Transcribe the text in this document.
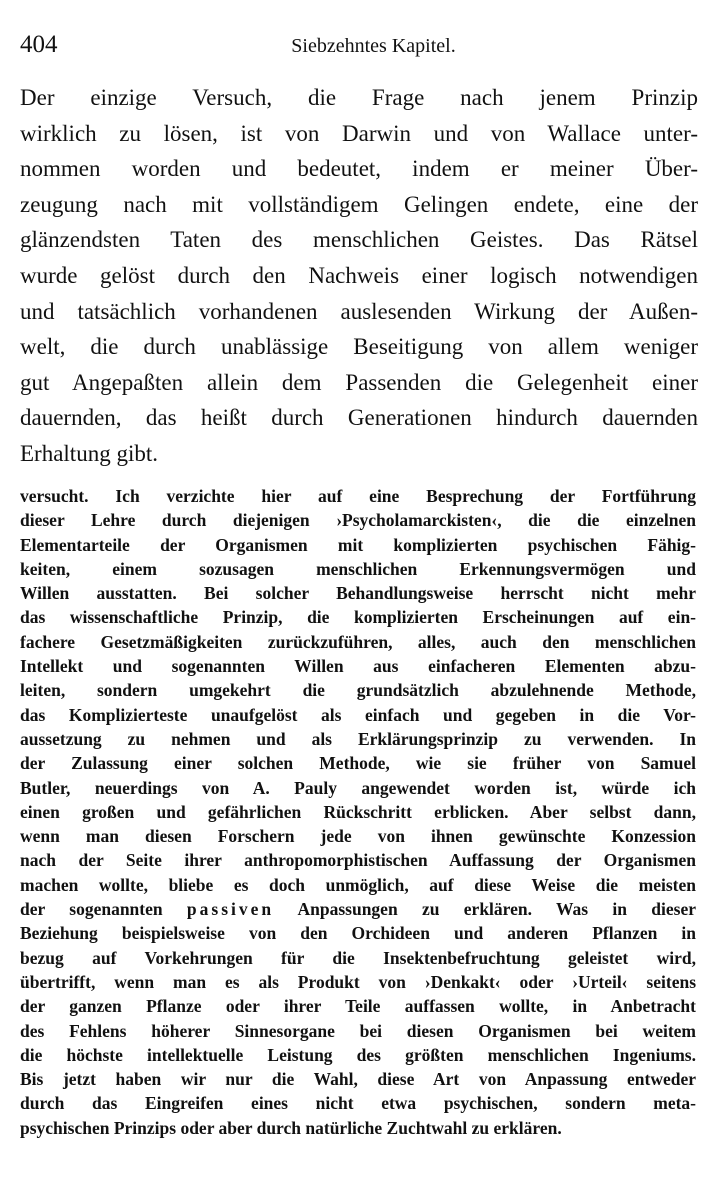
404	Siebzehntes Kapitel.
Der einzige Versuch, die Frage nach jenem Prinzip
wirklich zu lösen, ist von Darwin und von Wallace unter-
nommen worden und bedeutet, indem er meiner Über-
zeugung nach mit vollständigem Gelingen endete, eine der
glänzendsten Taten des menschlichen Geistes. Das Rätsel
wurde gelöst durch den Nachweis einer logisch notwendigen
und tatsächlich vorhandenen auslesenden Wirkung der Außen-
welt, die durch unablässige Beseitigung von allem weniger
gut Angepaßten allein dem Passenden die Gelegenheit einer
dauernden, das heißt durch Generationen hindurch dauernden
Erhaltung gibt.
versucht. Ich verzichte hier auf eine Besprechung der Fortführung
dieser Lehre durch diejenigen ›Psycholamarckisten‹, die die einzelnen
Elementarteile der Organismen mit komplizierten psychischen Fähig-
keiten, einem sozusagen menschlichen Erkennungsvermögen und
Willen ausstatten. Bei solcher Behandlungsweise herrscht nicht mehr
das wissenschaftliche Prinzip, die komplizierten Erscheinungen auf ein-
fachere Gesetzmäßigkeiten zurückzuführen, alles, auch den menschlichen
Intellekt und sogenannten Willen aus einfacheren Elementen abzu-
leiten, sondern umgekehrt die grundsätzlich abzulehnende Methode,
das Komplizierteste unaufgelöst als einfach und gegeben in die Vor-
aussetzung zu nehmen und als Erklärungsprinzip zu verwenden. In
der Zulassung einer solchen Methode, wie sie früher von Samuel
Butler, neuerdings von A. Pauly angewendet worden ist, würde ich
einen großen und gefährlichen Rückschritt erblicken. Aber selbst dann,
wenn man diesen Forschern jede von ihnen gewünschte Konzession
nach der Seite ihrer anthropomorphistischen Auffassung der Organismen
machen wollte, bliebe es doch unmöglich, auf diese Weise die meisten
der sogenannten passiven Anpassungen zu erklären. Was in dieser
Beziehung beispielsweise von den Orchideen und anderen Pflanzen in
bezug auf Vorkehrungen für die Insektenbefruchtung geleistet wird,
übertrifft, wenn man es als Produkt von ›Denkakt‹ oder ›Urteil‹ seitens
der ganzen Pflanze oder ihrer Teile auffassen wollte, in Anbetracht
des Fehlens höherer Sinnesorgane bei diesen Organismen bei weitem
die höchste intellektuelle Leistung des größten menschlichen Ingeniums.
Bis jetzt haben wir nur die Wahl, diese Art von Anpassung entweder
durch das Eingreifen eines nicht etwa psychischen, sondern meta-
psychischen Prinzips oder aber durch natürliche Zuchtwahl zu erklären.
